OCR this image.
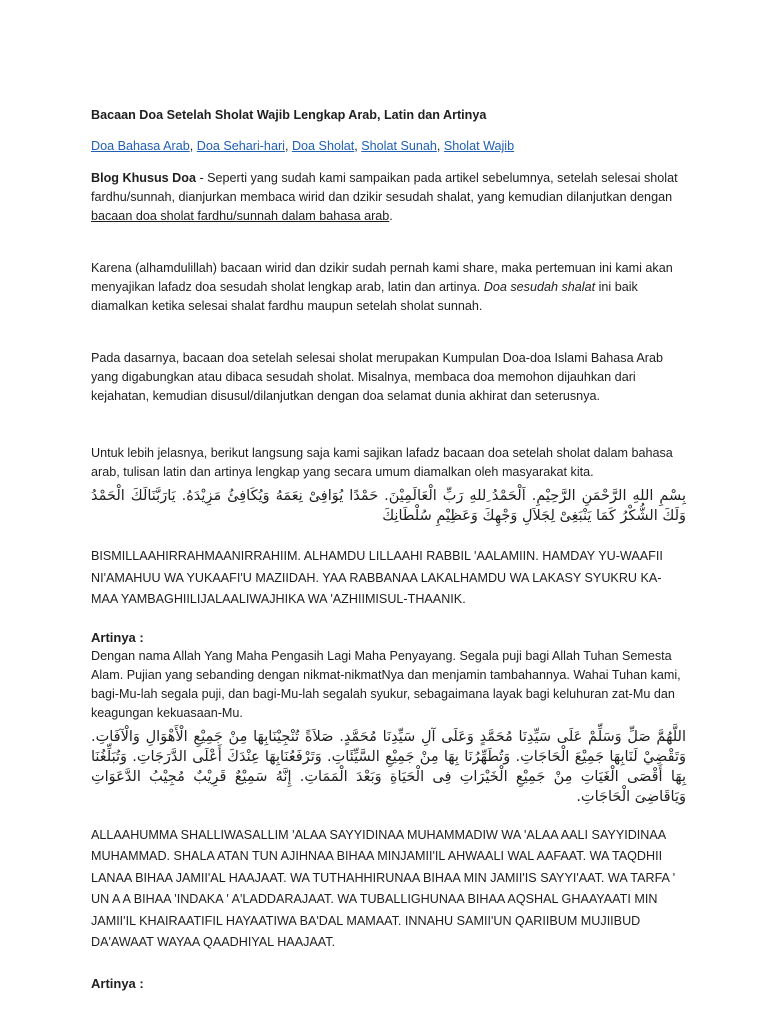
Bacaan Doa Setelah Sholat Wajib Lengkap Arab, Latin dan Artinya

Doa Bahasa Arab, Doa Sehari-hari, Doa Sholat, Sholat Sunah, Sholat Wajib

Blog Khusus Doa - Seperti yang sudah kami sampaikan pada artikel sebelumnya, setelah selesai sholat fardhu/sunnah, dianjurkan membaca wirid dan dzikir sesudah shalat, yang kemudian dilanjutkan dengan bacaan doa sholat fardhu/sunnah dalam bahasa arab.

Karena (alhamdulillah) bacaan wirid dan dzikir sudah pernah kami share, maka pertemuan ini kami akan menyajikan lafadz doa sesudah sholat lengkap arab, latin dan artinya. Doa sesudah shalat ini baik diamalkan ketika selesai shalat fardhu maupun setelah sholat sunnah.

Pada dasarnya, bacaan doa setelah selesai sholat merupakan Kumpulan Doa-doa Islami Bahasa Arab yang digabungkan atau dibaca sesudah sholat. Misalnya, membaca doa memohon dijauhkan dari kejahatan, kemudian disusul/dilanjutkan dengan doa selamat dunia akhirat dan seterusnya.

Untuk lebih jelasnya, berikut langsung saja kami sajikan lafadz bacaan doa setelah sholat dalam bahasa arab, tulisan latin dan artinya lengkap yang secara umum diamalkan oleh masyarakat kita.

بِسْمِ اللهِ الرَّحْمَنِ الرَّحِيْمِ. اَلْحَمْدُ ِللهِ رَبِّ الْعَالَمِيْنَ. حَمْدًا يُوَافِىْ نِعَمَهُ وَيُكَافِئُ مَزِيْدَهُ. يَارَبَّنَالَكَ الْحَمْدُ وَلَكَ الشُّكْرُ كَمَا يَنْبَغِىْ لِجَلاَلِ وَجْهِكَ وَعَظِيْمِ سُلْطَانِكَ

BISMILLAAHIRRAHMAANIRRAHIIM. ALHAMDU LILLAAHI RABBIL 'AALAMIIN. HAMDAY YU-WAAFII NI'AMAHUU WA YUKAAFI'U MAZIIDAH. YAA RABBANAA LAKALHAMDU WA LAKASY SYUKRU KA-MAA YAMBAGHIILIJALAALIWAJHIKA WA 'AZHIIMISUL-THAANIK.

Artinya :

Dengan nama Allah Yang Maha Pengasih Lagi Maha Penyayang. Segala puji bagi Allah Tuhan Semesta Alam. Pujian yang sebanding dengan nikmat-nikmatNya dan menjamin tambahannya. Wahai Tuhan kami, bagi-Mu-lah segala puji, dan bagi-Mu-lah segalah syukur, sebagaimana layak bagi keluhuran zat-Mu dan keagungan kekuasaan-Mu.

اللَّهُمَّ صَلِّ وَسَلِّمْ عَلَى سَيِّدِنَا مُحَمَّدٍ وَعَلَى آلِ سَيِّدِنَا مُحَمَّدٍ. صَلاَةً تُنْجِيْنَابِهَا مِنْ جَمِيْعِ الْأَهْوَالِ وَالْآفَاتِ. وَتَقْضِيْ لَنَابِهَا جَمِيْعَ الْحَاجَاتِ. وَتُطَهِّرُنَا بِهَا مِنْ جَمِيْعِ السَّيِّئَاتِ. وَتَرْفَعُنَابِهَا عِنْدَكَ أَعْلَى الدَّرَجَاتِ. وَتُبَلِّغُنَا بِهَا أَقْصَى الْغَيَاتِ مِنْ جَمِيْعِ الْخَيْرَاتِ فِى الْحَيَاةِ وَبَعْدَ الْمَمَاتِ. إِنَّهُ سَمِيْعٌ قَرِيْبٌ مُجِيْبُ الدَّعَوَاتِ وَيَاقَاضِىَ الْحَاجَاتِ.

ALLAAHUMMA SHALLIWASALLIM 'ALAA SAYYIDINAA MUHAMMADIW WA 'ALAA AALI SAYYIDINAA MUHAMMAD. SHALA ATAN TUN AJIHNAA BIHAA MINJAMII'IL AHWAALI WAL AAFAAT. WA TAQDHII LANAA BIHAA JAMII'AL HAAJAAT. WA TUTHAHHIRUNAA BIHAA MIN JAMII'IS SAYYI'AAT. WA TARFA ' UN A A BIHAA 'INDAKA ' A'LADDARAJAAT. WA TUBALLIGHUNAA BIHAA AQSHAL GHAAYAATI MIN JAMII'IL KHAIRAATIFIL HAYAATIWA BA'DAL MAMAAT. INNAHU SAMII'UN QARIIBUM MUJIIBUD DA'AWAAT WAYAA QAADHIYAL HAAJAAT.

Artinya :
